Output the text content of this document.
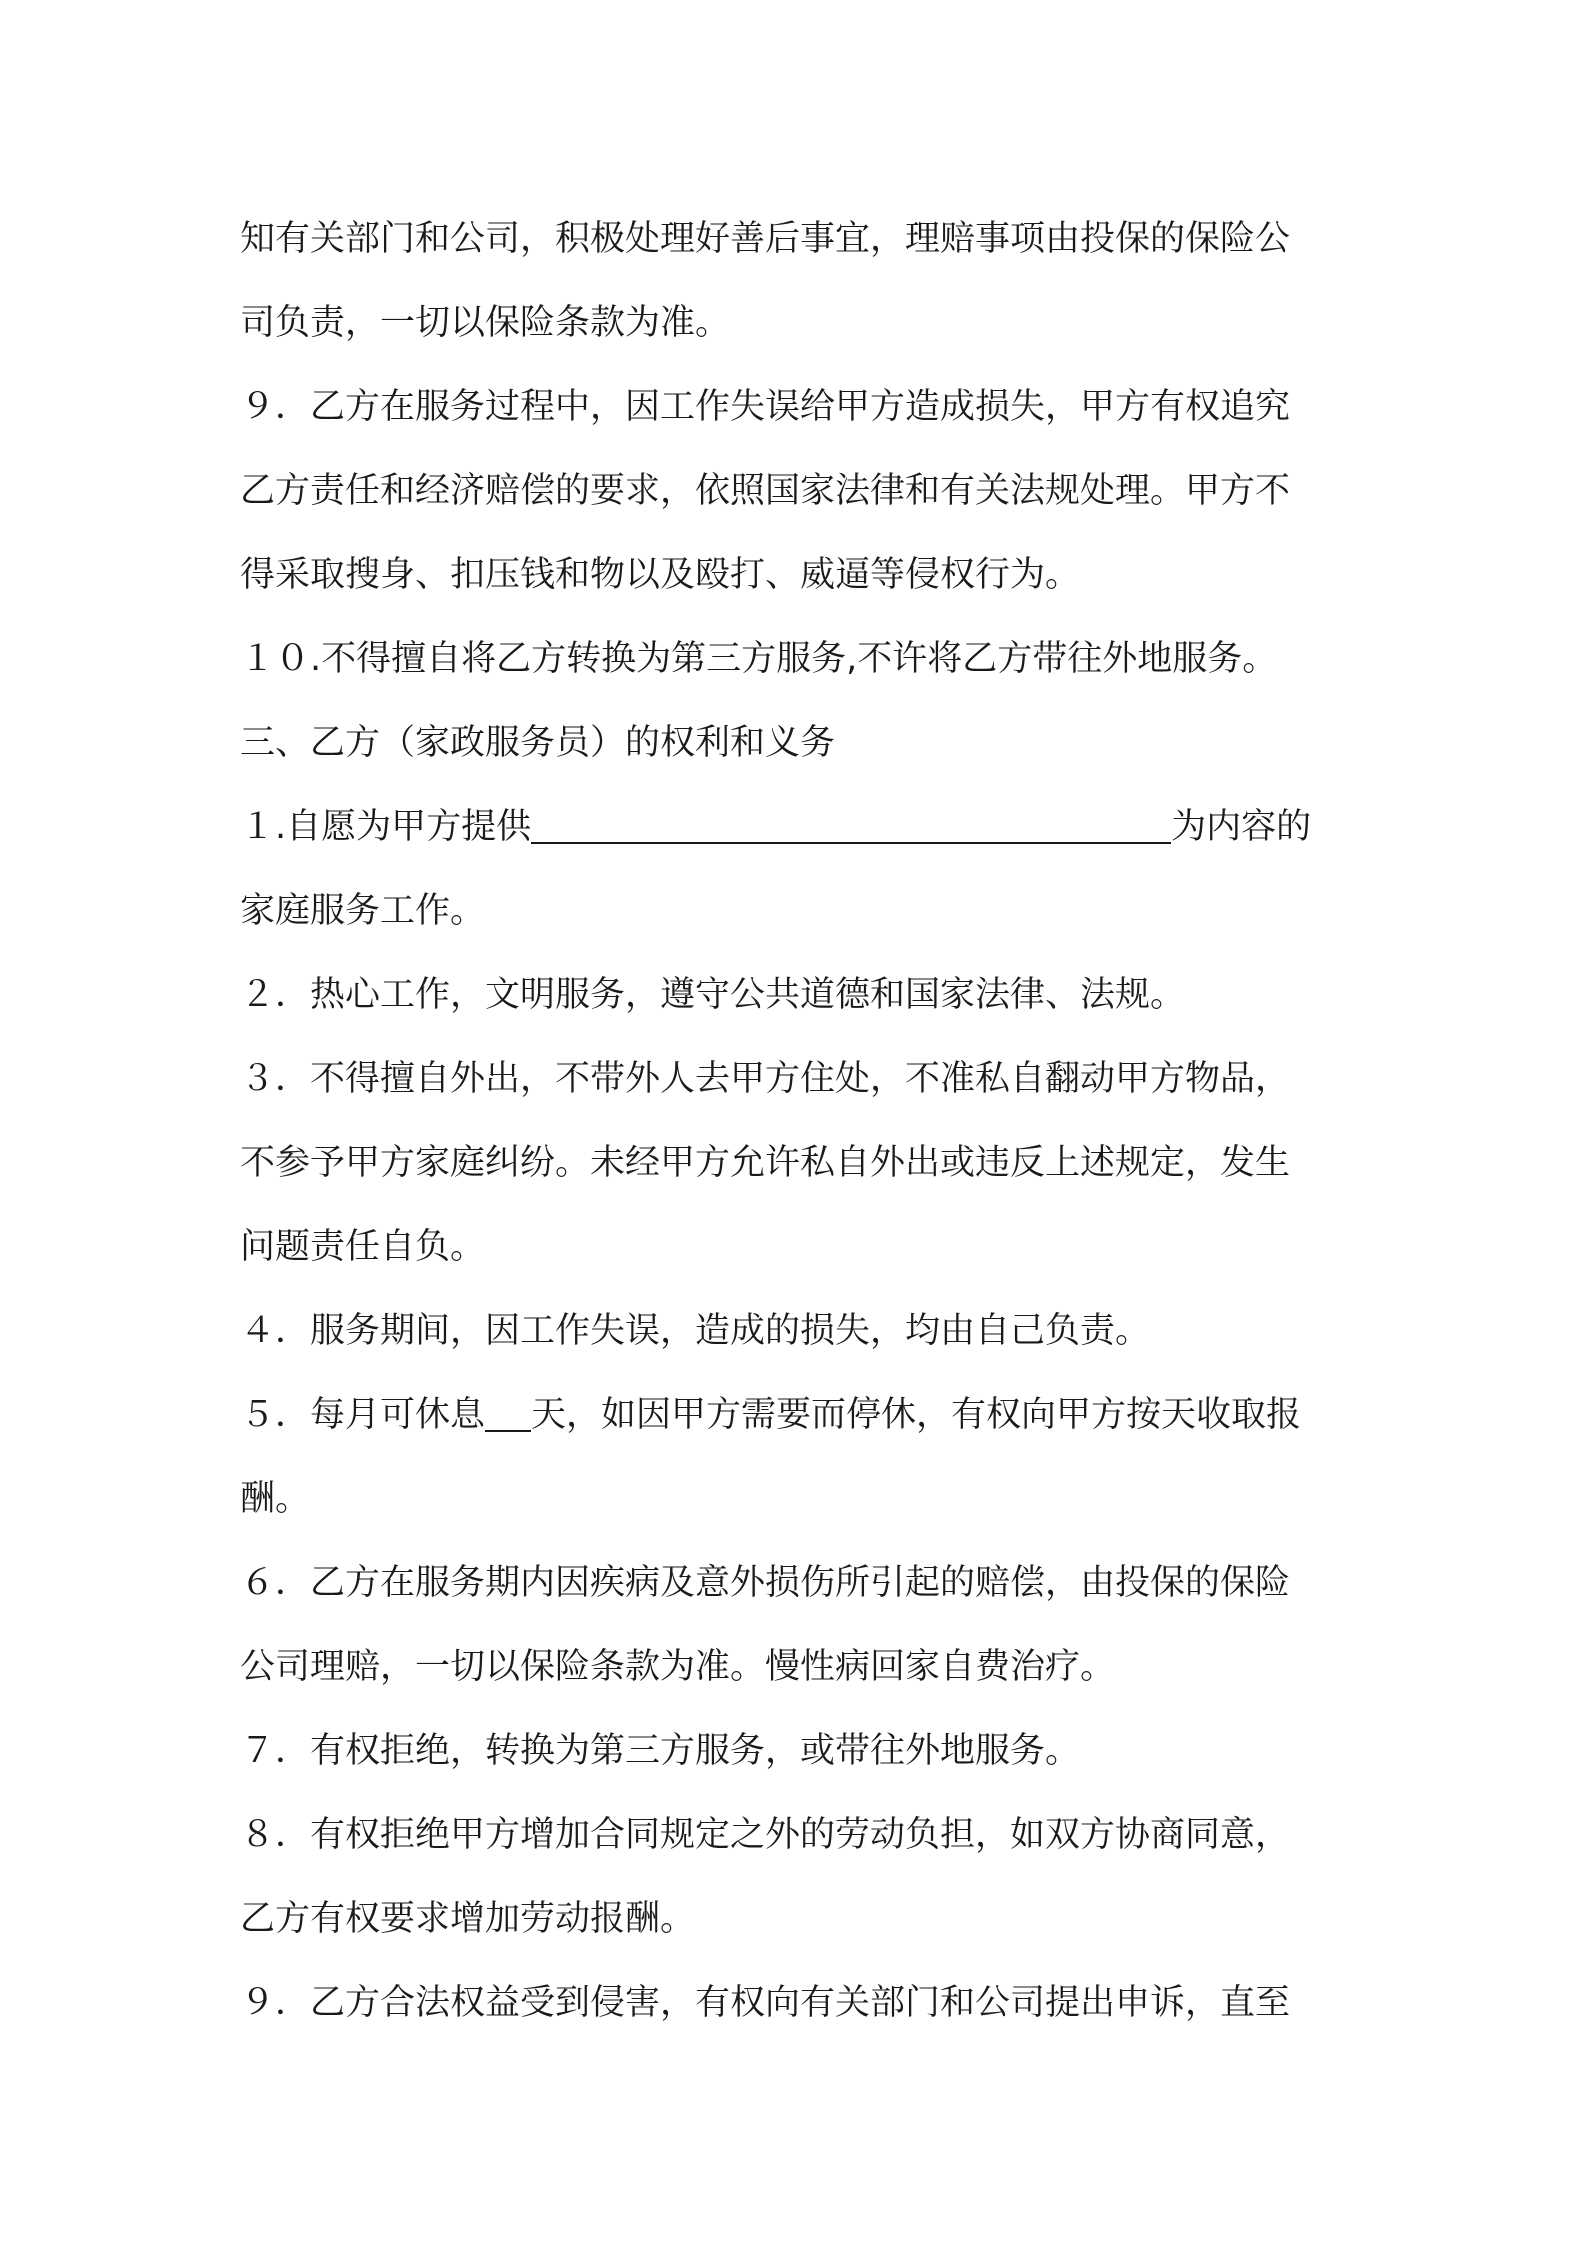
知有关部门和公司，积极处理好善后事宜，理赔事项由投保的保险公
司负责，一切以保险条款为准。
９．乙方在服务过程中，因工作失误给甲方造成损失，甲方有权追究
乙方责任和经济赔偿的要求，依照国家法律和有关法规处理。甲方不
得采取搜身、扣压钱和物以及殴打、威逼等侵权行为。
１０.不得擅自将乙方转换为第三方服务,不许将乙方带往外地服务。
三、乙方（家政服务员）的权利和义务
１.自愿为甲方提供	为内容的
家庭服务工作。
２．热心工作，文明服务，遵守公共道德和国家法律、法规。
３．不得擅自外出，不带外人去甲方住处，不准私自翻动甲方物品，
不参予甲方家庭纠纷。未经甲方允许私自外出或违反上述规定，发生
问题责任自负。
４．服务期间，因工作失误，造成的损失，均由自己负责。
５．每月可休息 天，如因甲方需要而停休，有权向甲方按天收取报
酬。
６．乙方在服务期内因疾病及意外损伤所引起的赔偿，由投保的保险
公司理赔，一切以保险条款为准。慢性病回家自费治疗。
７．有权拒绝，转换为第三方服务，或带往外地服务。
８．有权拒绝甲方增加合同规定之外的劳动负担，如双方协商同意，
乙方有权要求增加劳动报酬。
９．乙方合法权益受到侵害，有权向有关部门和公司提出申诉，直至
